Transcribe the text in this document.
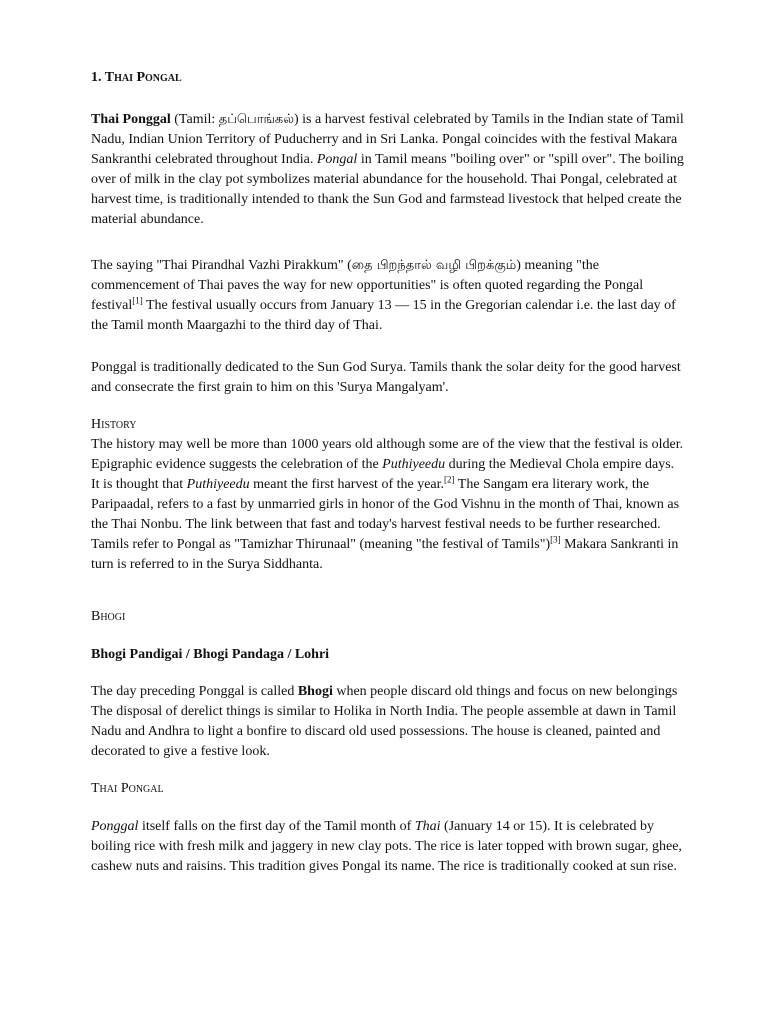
1. Thai Pongal

Thai Ponggal (Tamil: தப்பொங்கல்) is a harvest festival celebrated by Tamils in the Indian state of Tamil Nadu, Indian Union Territory of Puducherry and in Sri Lanka. Pongal coincides with the festival Makara Sankranthi celebrated throughout India. Pongal in Tamil means "boiling over" or "spill over". The boiling over of milk in the clay pot symbolizes material abundance for the household. Thai Pongal, celebrated at harvest time, is traditionally intended to thank the Sun God and farmstead livestock that helped create the material abundance.

The saying "Thai Pirandhal Vazhi Pirakkum" (தை பிறந்தால் வழி பிறக்கும்) meaning "the commencement of Thai paves the way for new opportunities" is often quoted regarding the Pongal festival[1] The festival usually occurs from January 13 — 15 in the Gregorian calendar i.e. the last day of the Tamil month Maargazhi to the third day of Thai.

Ponggal is traditionally dedicated to the Sun God Surya. Tamils thank the solar deity for the good harvest and consecrate the first grain to him on this 'Surya Mangalyam'.

History

The history may well be more than 1000 years old although some are of the view that the festival is older. Epigraphic evidence suggests the celebration of the Puthiyeedu during the Medieval Chola empire days. It is thought that Puthiyeedu meant the first harvest of the year.[2] The Sangam era literary work, the Paripaadal, refers to a fast by unmarried girls in honor of the God Vishnu in the month of Thai, known as the Thai Nonbu. The link between that fast and today's harvest festival needs to be further researched. Tamils refer to Pongal as "Tamizhar Thirunaal" (meaning "the festival of Tamils")[3] Makara Sankranti in turn is referred to in the Surya Siddhanta.

Bhogi

Bhogi Pandigai / Bhogi Pandaga / Lohri

The day preceding Ponggal is called Bhogi when people discard old things and focus on new belongings The disposal of derelict things is similar to Holika in North India. The people assemble at dawn in Tamil Nadu and Andhra to light a bonfire to discard old used possessions. The house is cleaned, painted and decorated to give a festive look.

Thai Pongal

Ponggal itself falls on the first day of the Tamil month of Thai (January 14 or 15). It is celebrated by boiling rice with fresh milk and jaggery in new clay pots. The rice is later topped with brown sugar, ghee, cashew nuts and raisins. This tradition gives Pongal its name. The rice is traditionally cooked at sun rise.
